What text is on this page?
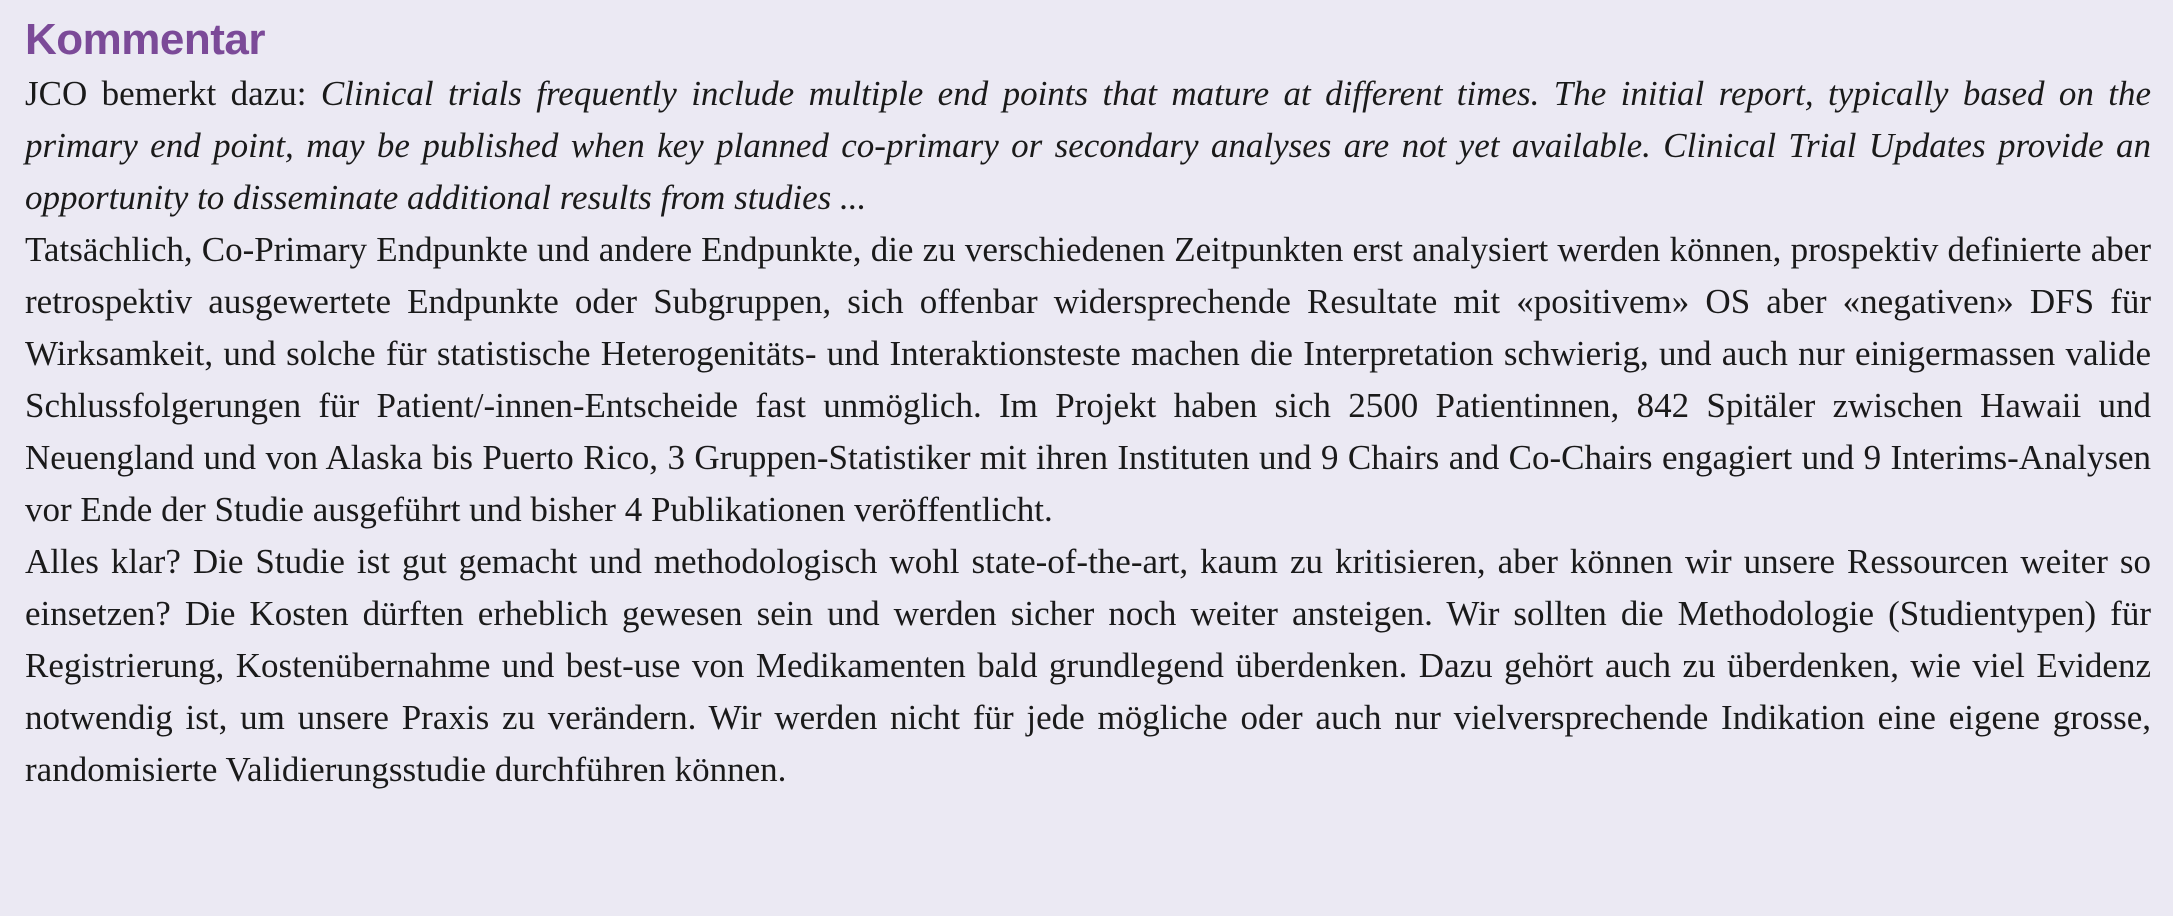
Kommentar

JCO bemerkt dazu: Clinical trials frequently include multiple end points that mature at different times. The initial report, typically based on the primary end point, may be published when key planned co-primary or secondary analyses are not yet available. Clinical Trial Updates provide an opportunity to disseminate additional results from studies ...

Tatsächlich, Co-Primary Endpunkte und andere Endpunkte, die zu verschiedenen Zeitpunkten erst analysiert werden können, prospektiv definierte aber retrospektiv ausgewertete Endpunkte oder Subgruppen, sich offenbar widersprechende Resultate mit «positivem» OS aber «negativen» DFS für Wirksamkeit, und solche für statistische Heterogenitäts- und Interaktionsteste machen die Interpretation schwierig, und auch nur einigermassen valide Schlussfolgerungen für Patient/-innen-Entscheide fast unmöglich. Im Projekt haben sich 2500 Patientinnen, 842 Spitäler zwischen Hawaii und Neuengland und von Alaska bis Puerto Rico, 3 Gruppen-Statistiker mit ihren Instituten und 9 Chairs and Co-Chairs engagiert und 9 Interims-Analysen vor Ende der Studie ausgeführt und bisher 4 Publikationen veröffentlicht.

Alles klar? Die Studie ist gut gemacht und methodologisch wohl state-of-the-art, kaum zu kritisieren, aber können wir unsere Ressourcen weiter so einsetzen? Die Kosten dürften erheblich gewesen sein und werden sicher noch weiter ansteigen. Wir sollten die Methodologie (Studientypen) für Registrierung, Kostenübernahme und best-use von Medikamenten bald grundlegend überdenken. Dazu gehört auch zu überdenken, wie viel Evidenz notwendig ist, um unsere Praxis zu verändern. Wir werden nicht für jede mögliche oder auch nur vielversprechende Indikation eine eigene grosse, randomisierte Validierungsstudie durchführen können.
